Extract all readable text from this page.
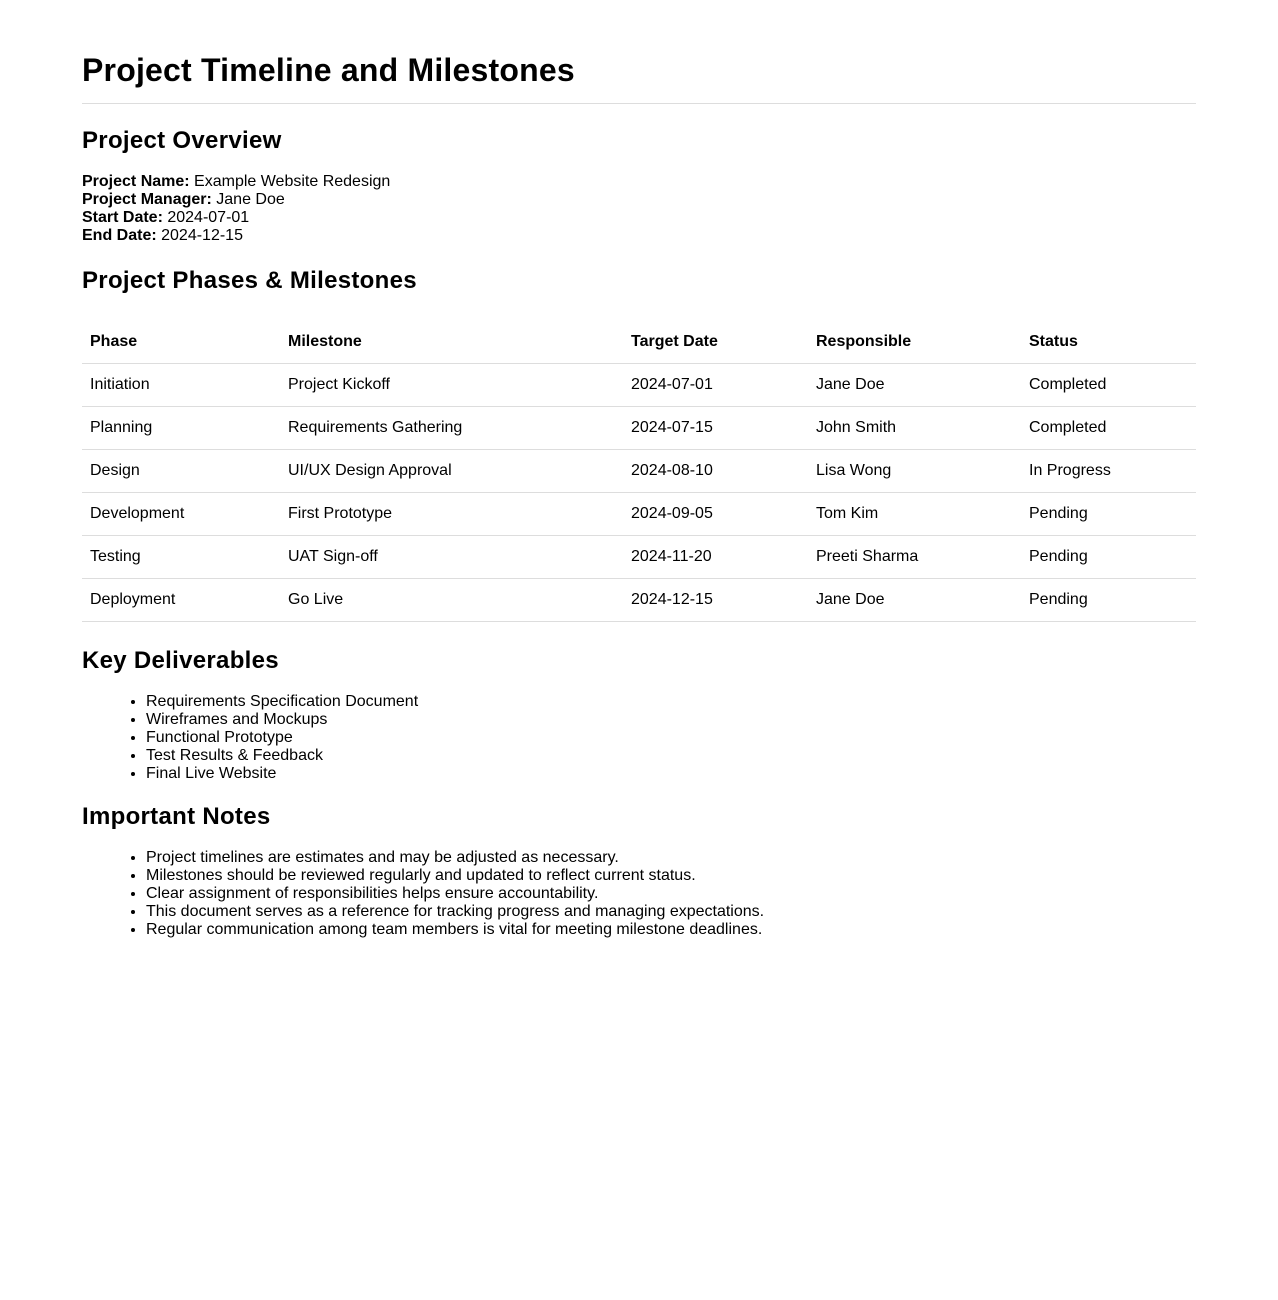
Project Timeline and Milestones
Project Overview
Project Name: Example Website Redesign
Project Manager: Jane Doe
Start Date: 2024-07-01
End Date: 2024-12-15
Project Phases & Milestones
Phase	Milestone	Target Date	Responsible	Status
Initiation	Project Kickoff	2024-07-01	Jane Doe	Completed
Planning	Requirements Gathering	2024-07-15	John Smith	Completed
Design	UI/UX Design Approval	2024-08-10	Lisa Wong	In Progress
Development	First Prototype	2024-09-05	Tom Kim	Pending
Testing	UAT Sign-off	2024-11-20	Preeti Sharma	Pending
Deployment	Go Live	2024-12-15	Jane Doe	Pending
Key Deliverables
• Requirements Specification Document
• Wireframes and Mockups
• Functional Prototype
• Test Results & Feedback
• Final Live Website
Important Notes
• Project timelines are estimates and may be adjusted as necessary.
• Milestones should be reviewed regularly and updated to reflect current status.
• Clear assignment of responsibilities helps ensure accountability.
• This document serves as a reference for tracking progress and managing expectations.
• Regular communication among team members is vital for meeting milestone deadlines.
